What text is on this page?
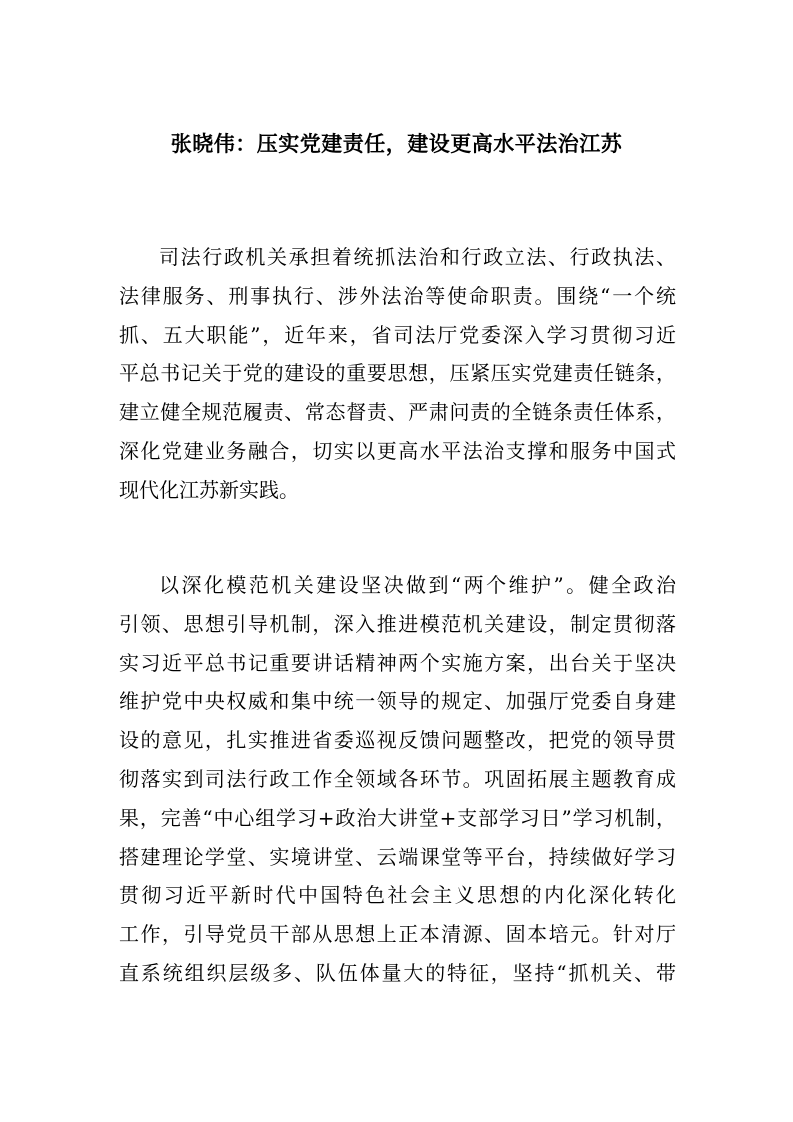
张晓伟：压实党建责任，建设更高水平法治江苏
司法行政机关承担着统抓法治和行政立法、行政执法、
法律服务、刑事执行、涉外法治等使命职责。围绕“一个统
抓、五大职能”，近年来，省司法厅党委深入学习贯彻习近
平总书记关于党的建设的重要思想，压紧压实党建责任链条，
建立健全规范履责、常态督责、严肃问责的全链条责任体系，
深化党建业务融合，切实以更高水平法治支撑和服务中国式
现代化江苏新实践。
以深化模范机关建设坚决做到“两个维护”。健全政治
引领、思想引导机制，深入推进模范机关建设，制定贯彻落
实习近平总书记重要讲话精神两个实施方案，出台关于坚决
维护党中央权威和集中统一领导的规定、加强厅党委自身建
设的意见，扎实推进省委巡视反馈问题整改，把党的领导贯
彻落实到司法行政工作全领域各环节。巩固拓展主题教育成
果，完善“中心组学习+政治大讲堂+支部学习日”学习机制，
搭建理论学堂、实境讲堂、云端课堂等平台，持续做好学习
贯彻习近平新时代中国特色社会主义思想的内化深化转化
工作，引导党员干部从思想上正本清源、固本培元。针对厅
直系统组织层级多、队伍体量大的特征，坚持“抓机关、带
